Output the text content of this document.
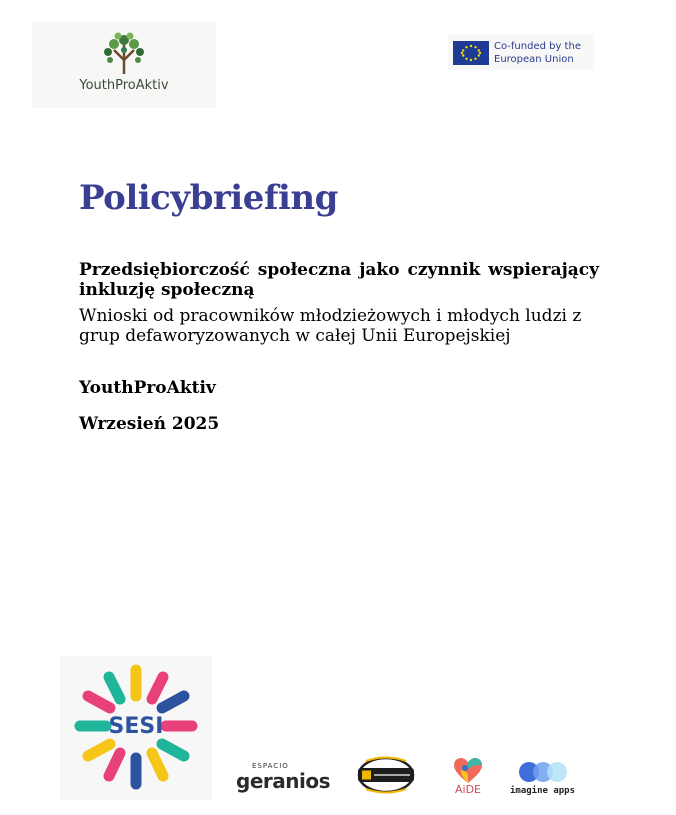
YouthProAktiv
Co-funded by the
European Union
Policybriefing
Przedsiębiorczość społeczna jako czynnik wspierający inkluzję społeczną
Wnioski od pracowników młodzieżowych i młodych ludzi z grup defaworyzowanych w całej Unii Europejskiej
YouthProAktiv
Wrzesień 2025
SESI
ESPACIO
geranios	AiDE	imagine apps
